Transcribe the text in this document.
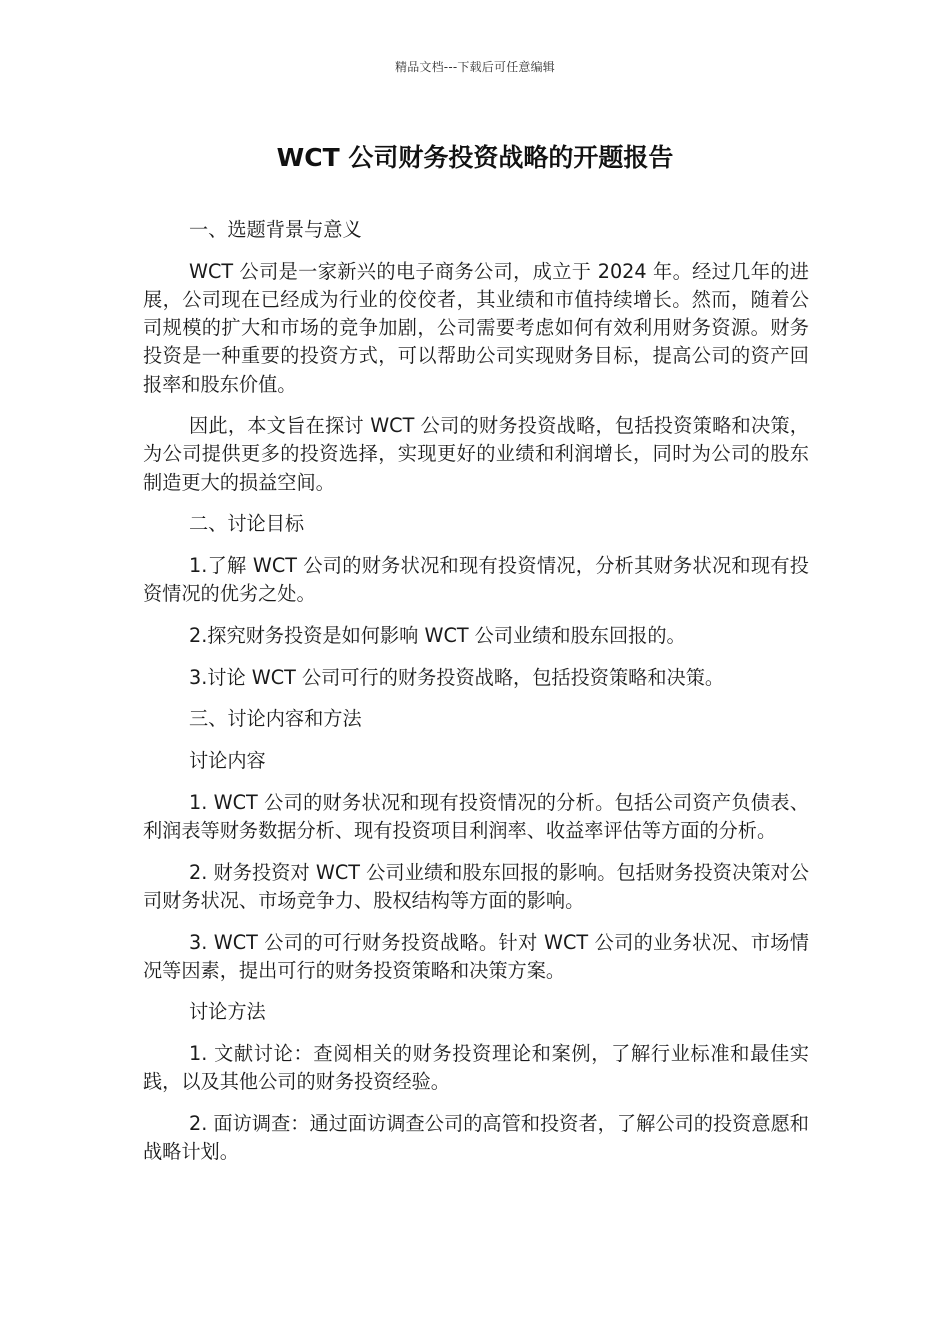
精品文档---下载后可任意编辑
WCT 公司财务投资战略的开题报告

一、选题背景与意义

WCT 公司是一家新兴的电子商务公司，成立于 2024 年。经过几年的进展，公司现在已经成为行业的佼佼者，其业绩和市值持续增长。然而，随着公司规模的扩大和市场的竞争加剧，公司需要考虑如何有效利用财务资源。财务投资是一种重要的投资方式，可以帮助公司实现财务目标，提高公司的资产回报率和股东价值。

因此，本文旨在探讨 WCT 公司的财务投资战略，包括投资策略和决策，为公司提供更多的投资选择，实现更好的业绩和利润增长，同时为公司的股东制造更大的损益空间。

二、讨论目标

1.了解 WCT 公司的财务状况和现有投资情况，分析其财务状况和现有投资情况的优劣之处。

2.探究财务投资是如何影响 WCT 公司业绩和股东回报的。

3.讨论 WCT 公司可行的财务投资战略，包括投资策略和决策。

三、讨论内容和方法

讨论内容

1. WCT 公司的财务状况和现有投资情况的分析。包括公司资产负债表、利润表等财务数据分析、现有投资项目利润率、收益率评估等方面的分析。

2. 财务投资对 WCT 公司业绩和股东回报的影响。包括财务投资决策对公司财务状况、市场竞争力、股权结构等方面的影响。

3. WCT 公司的可行财务投资战略。针对 WCT 公司的业务状况、市场情况等因素，提出可行的财务投资策略和决策方案。

讨论方法

1. 文献讨论：查阅相关的财务投资理论和案例，了解行业标准和最佳实践，以及其他公司的财务投资经验。

2. 面访调查：通过面访调查公司的高管和投资者，了解公司的投资意愿和战略计划。
